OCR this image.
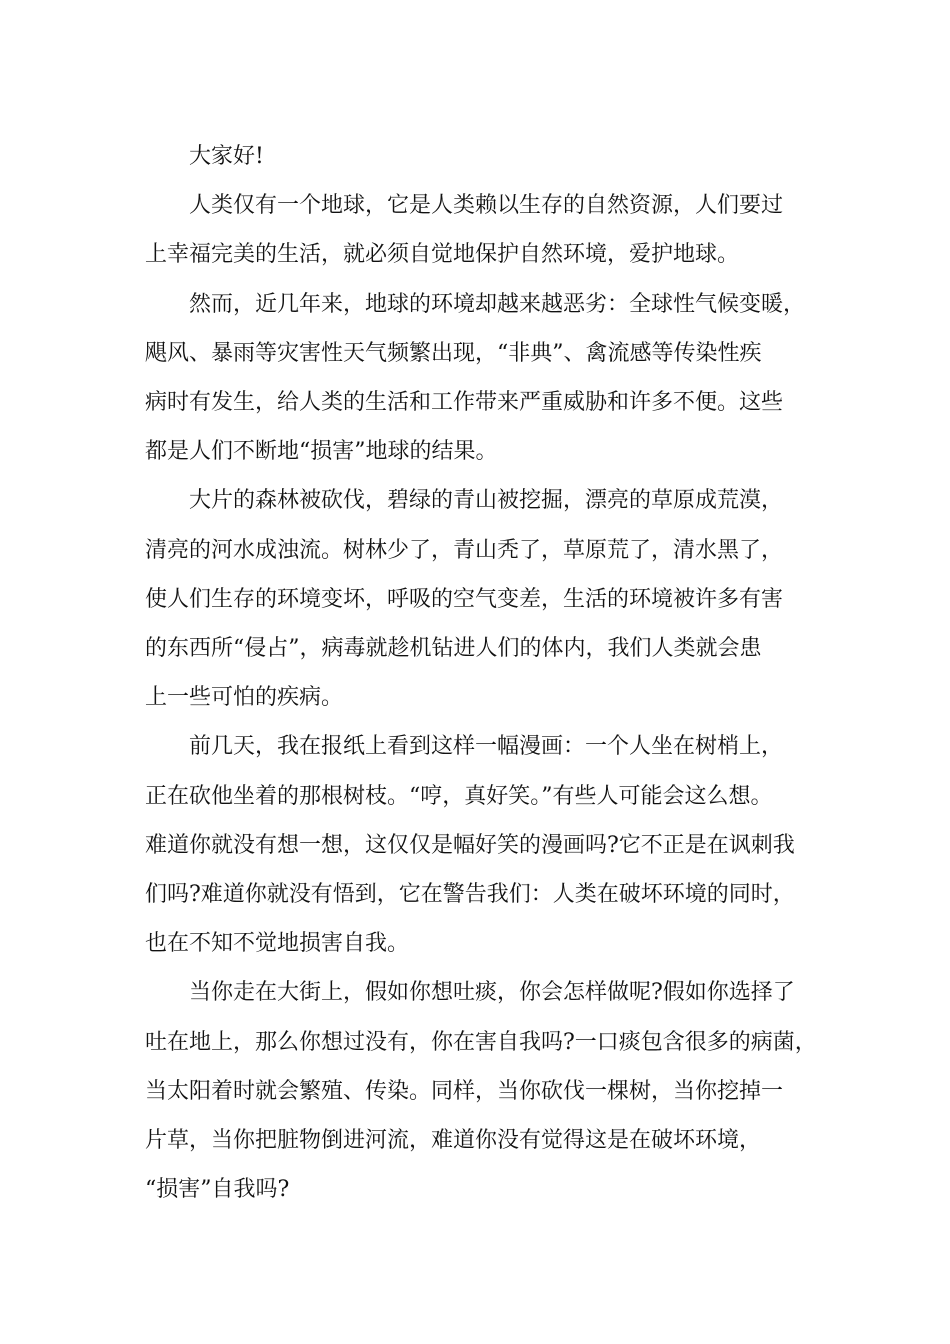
大家好!

人类仅有一个地球，它是人类赖以生存的自然资源，人们要过
上幸福完美的生活，就必须自觉地保护自然环境，爱护地球。

然而，近几年来，地球的环境却越来越恶劣：全球性气候变暖，
飓风、暴雨等灾害性天气频繁出现，“非典”、禽流感等传染性疾
病时有发生，给人类的生活和工作带来严重威胁和许多不便。这些
都是人们不断地“损害”地球的结果。

大片的森林被砍伐，碧绿的青山被挖掘，漂亮的草原成荒漠，
清亮的河水成浊流。树林少了，青山秃了，草原荒了，清水黑了，
使人们生存的环境变坏，呼吸的空气变差，生活的环境被许多有害
的东西所“侵占”，病毒就趁机钻进人们的体内，我们人类就会患
上一些可怕的疾病。

前几天，我在报纸上看到这样一幅漫画：一个人坐在树梢上，
正在砍他坐着的那根树枝。“哼，真好笑。”有些人可能会这么想。
难道你就没有想一想，这仅仅是幅好笑的漫画吗?它不正是在讽刺我
们吗?难道你就没有悟到，它在警告我们：人类在破坏环境的同时，
也在不知不觉地损害自我。

当你走在大街上，假如你想吐痰，你会怎样做呢?假如你选择了
吐在地上，那么你想过没有，你在害自我吗?一口痰包含很多的病菌，
当太阳着时就会繁殖、传染。同样，当你砍伐一棵树，当你挖掉一
片草，当你把脏物倒进河流，难道你没有觉得这是在破坏环境，
“损害”自我吗?
